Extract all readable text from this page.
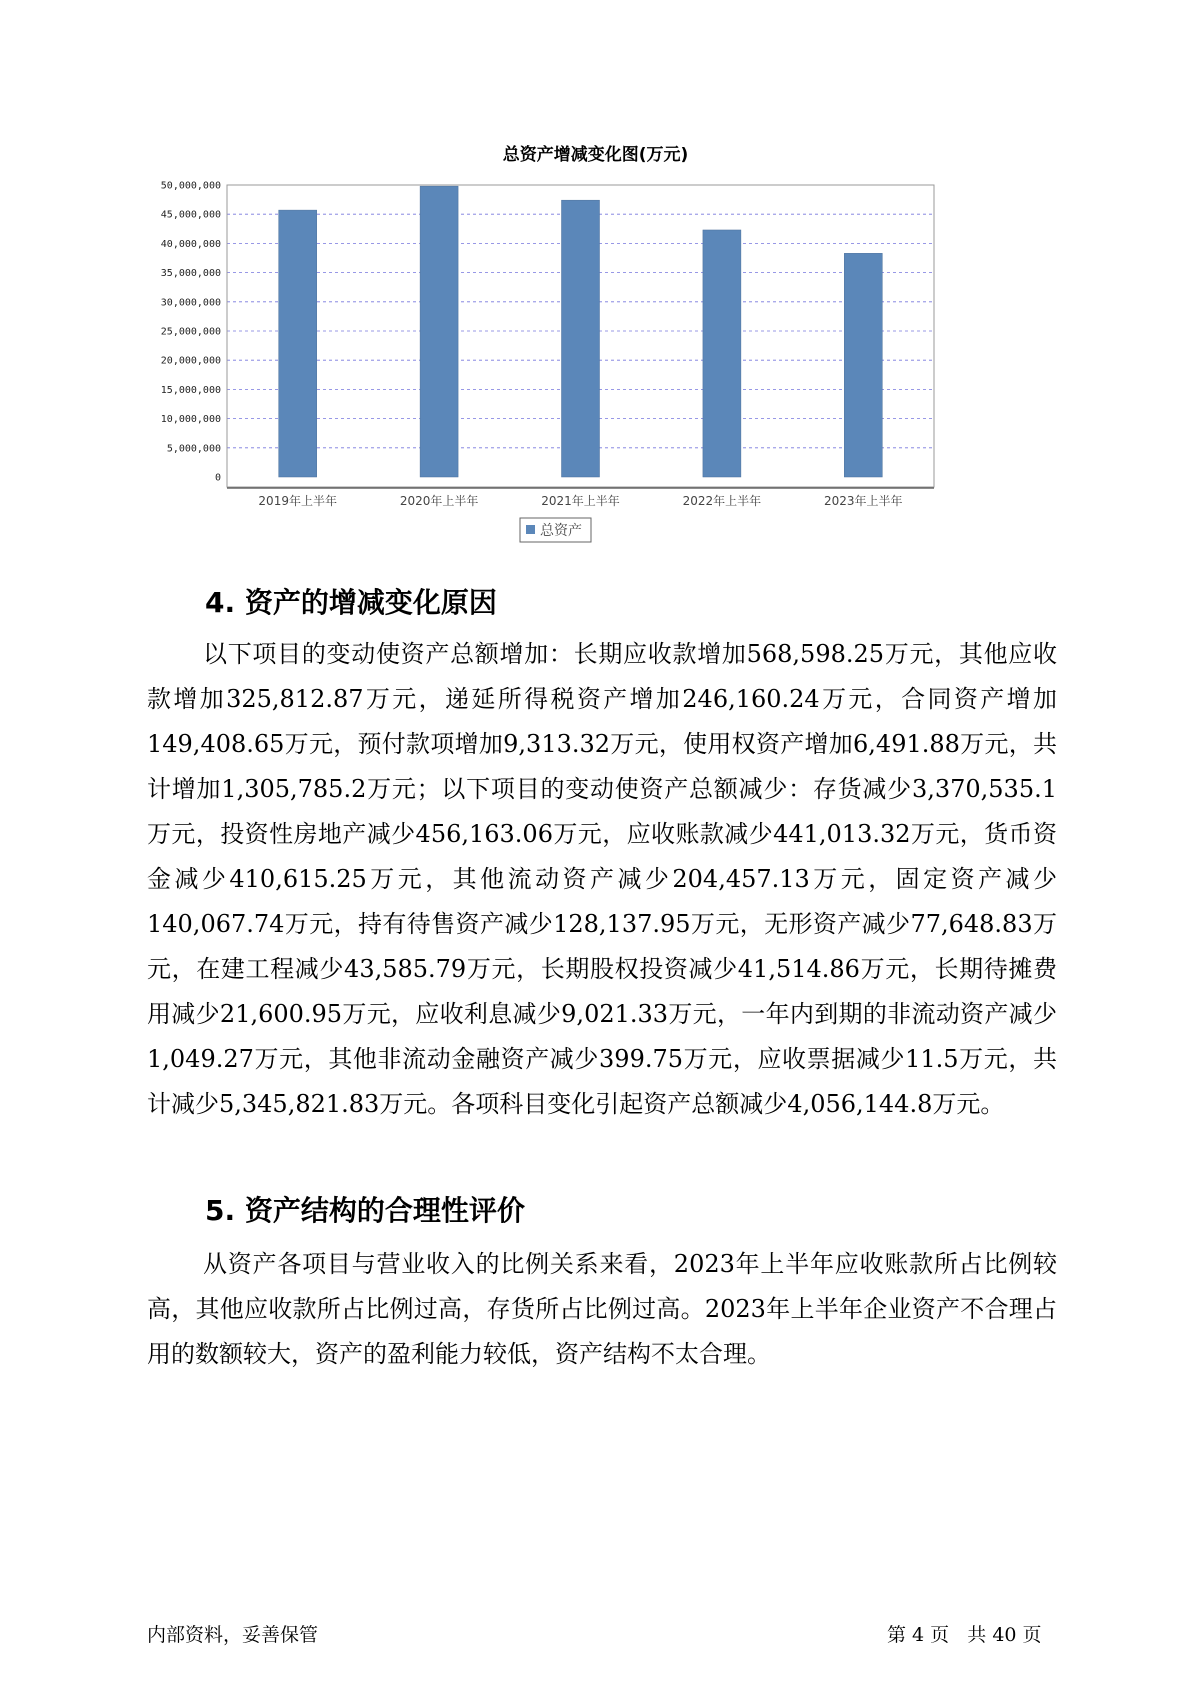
总资产增减变化图(万元)
0
5,000,000
10,000,000
15,000,000
20,000,000
25,000,000
30,000,000
35,000,000
40,000,000
45,000,000
50,000,000
2019年上半年	2020年上半年	2021年上半年	2022年上半年	2023年上半年
总资产
4. 资产的增减变化原因

以下项目的变动使资产总额增加：长期应收款增加568,598.25万元，其他应收款增加325,812.87万元，递延所得税资产增加246,160.24万元，合同资产增加149,408.65万元，预付款项增加9,313.32万元，使用权资产增加6,491.88万元，共计增加1,305,785.2万元；以下项目的变动使资产总额减少：存货减少3,370,535.1万元，投资性房地产减少456,163.06万元，应收账款减少441,013.32万元，货币资金减少410,615.25万元，其他流动资产减少204,457.13万元，固定资产减少140,067.74万元，持有待售资产减少128,137.95万元，无形资产减少77,648.83万元，在建工程减少43,585.79万元，长期股权投资减少41,514.86万元，长期待摊费用减少21,600.95万元，应收利息减少9,021.33万元，一年内到期的非流动资产减少1,049.27万元，其他非流动金融资产减少399.75万元，应收票据减少11.5万元，共计减少5,345,821.83万元。各项科目变化引起资产总额减少4,056,144.8万元。

5. 资产结构的合理性评价

从资产各项目与营业收入的比例关系来看，2023年上半年应收账款所占比例较高，其他应收款所占比例过高，存货所占比例过高。2023年上半年企业资产不合理占用的数额较大，资产的盈利能力较低，资产结构不太合理。

内部资料，妥善保管	第 4 页   共 40 页
